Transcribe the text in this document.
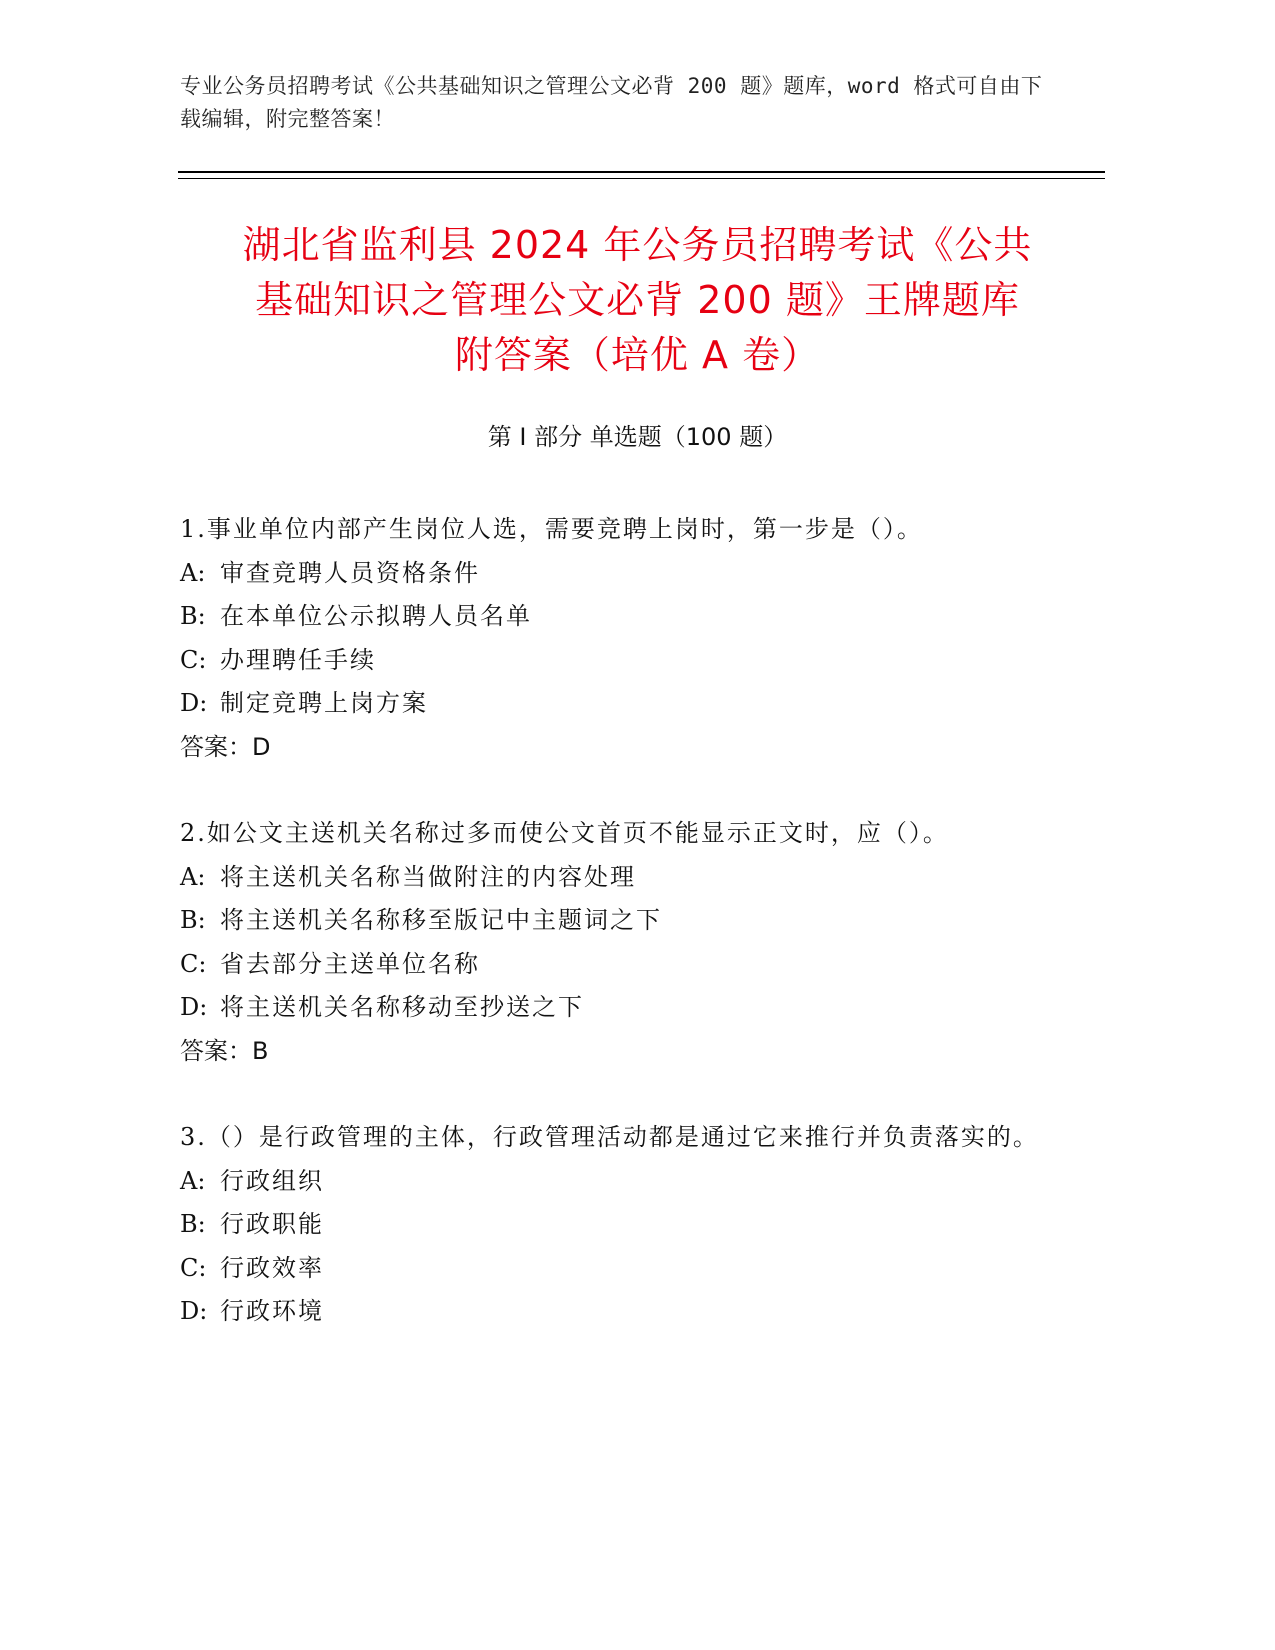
专业公务员招聘考试《公共基础知识之管理公文必背 200 题》题库，word 格式可自由下载编辑，附完整答案！
湖北省监利县 2024 年公务员招聘考试《公共
基础知识之管理公文必背 200 题》王牌题库
附答案（培优 A 卷）
第 I 部分 单选题（100 题）
1.事业单位内部产生岗位人选，需要竞聘上岗时，第一步是（）。
A: 审查竞聘人员资格条件
B: 在本单位公示拟聘人员名单
C: 办理聘任手续
D: 制定竞聘上岗方案
答案：D
2.如公文主送机关名称过多而使公文首页不能显示正文时，应（）。
A: 将主送机关名称当做附注的内容处理
B: 将主送机关名称移至版记中主题词之下
C: 省去部分主送单位名称
D: 将主送机关名称移动至抄送之下
答案：B
3.（）是行政管理的主体，行政管理活动都是通过它来推行并负责落实的。
A: 行政组织
B: 行政职能
C: 行政效率
D: 行政环境
